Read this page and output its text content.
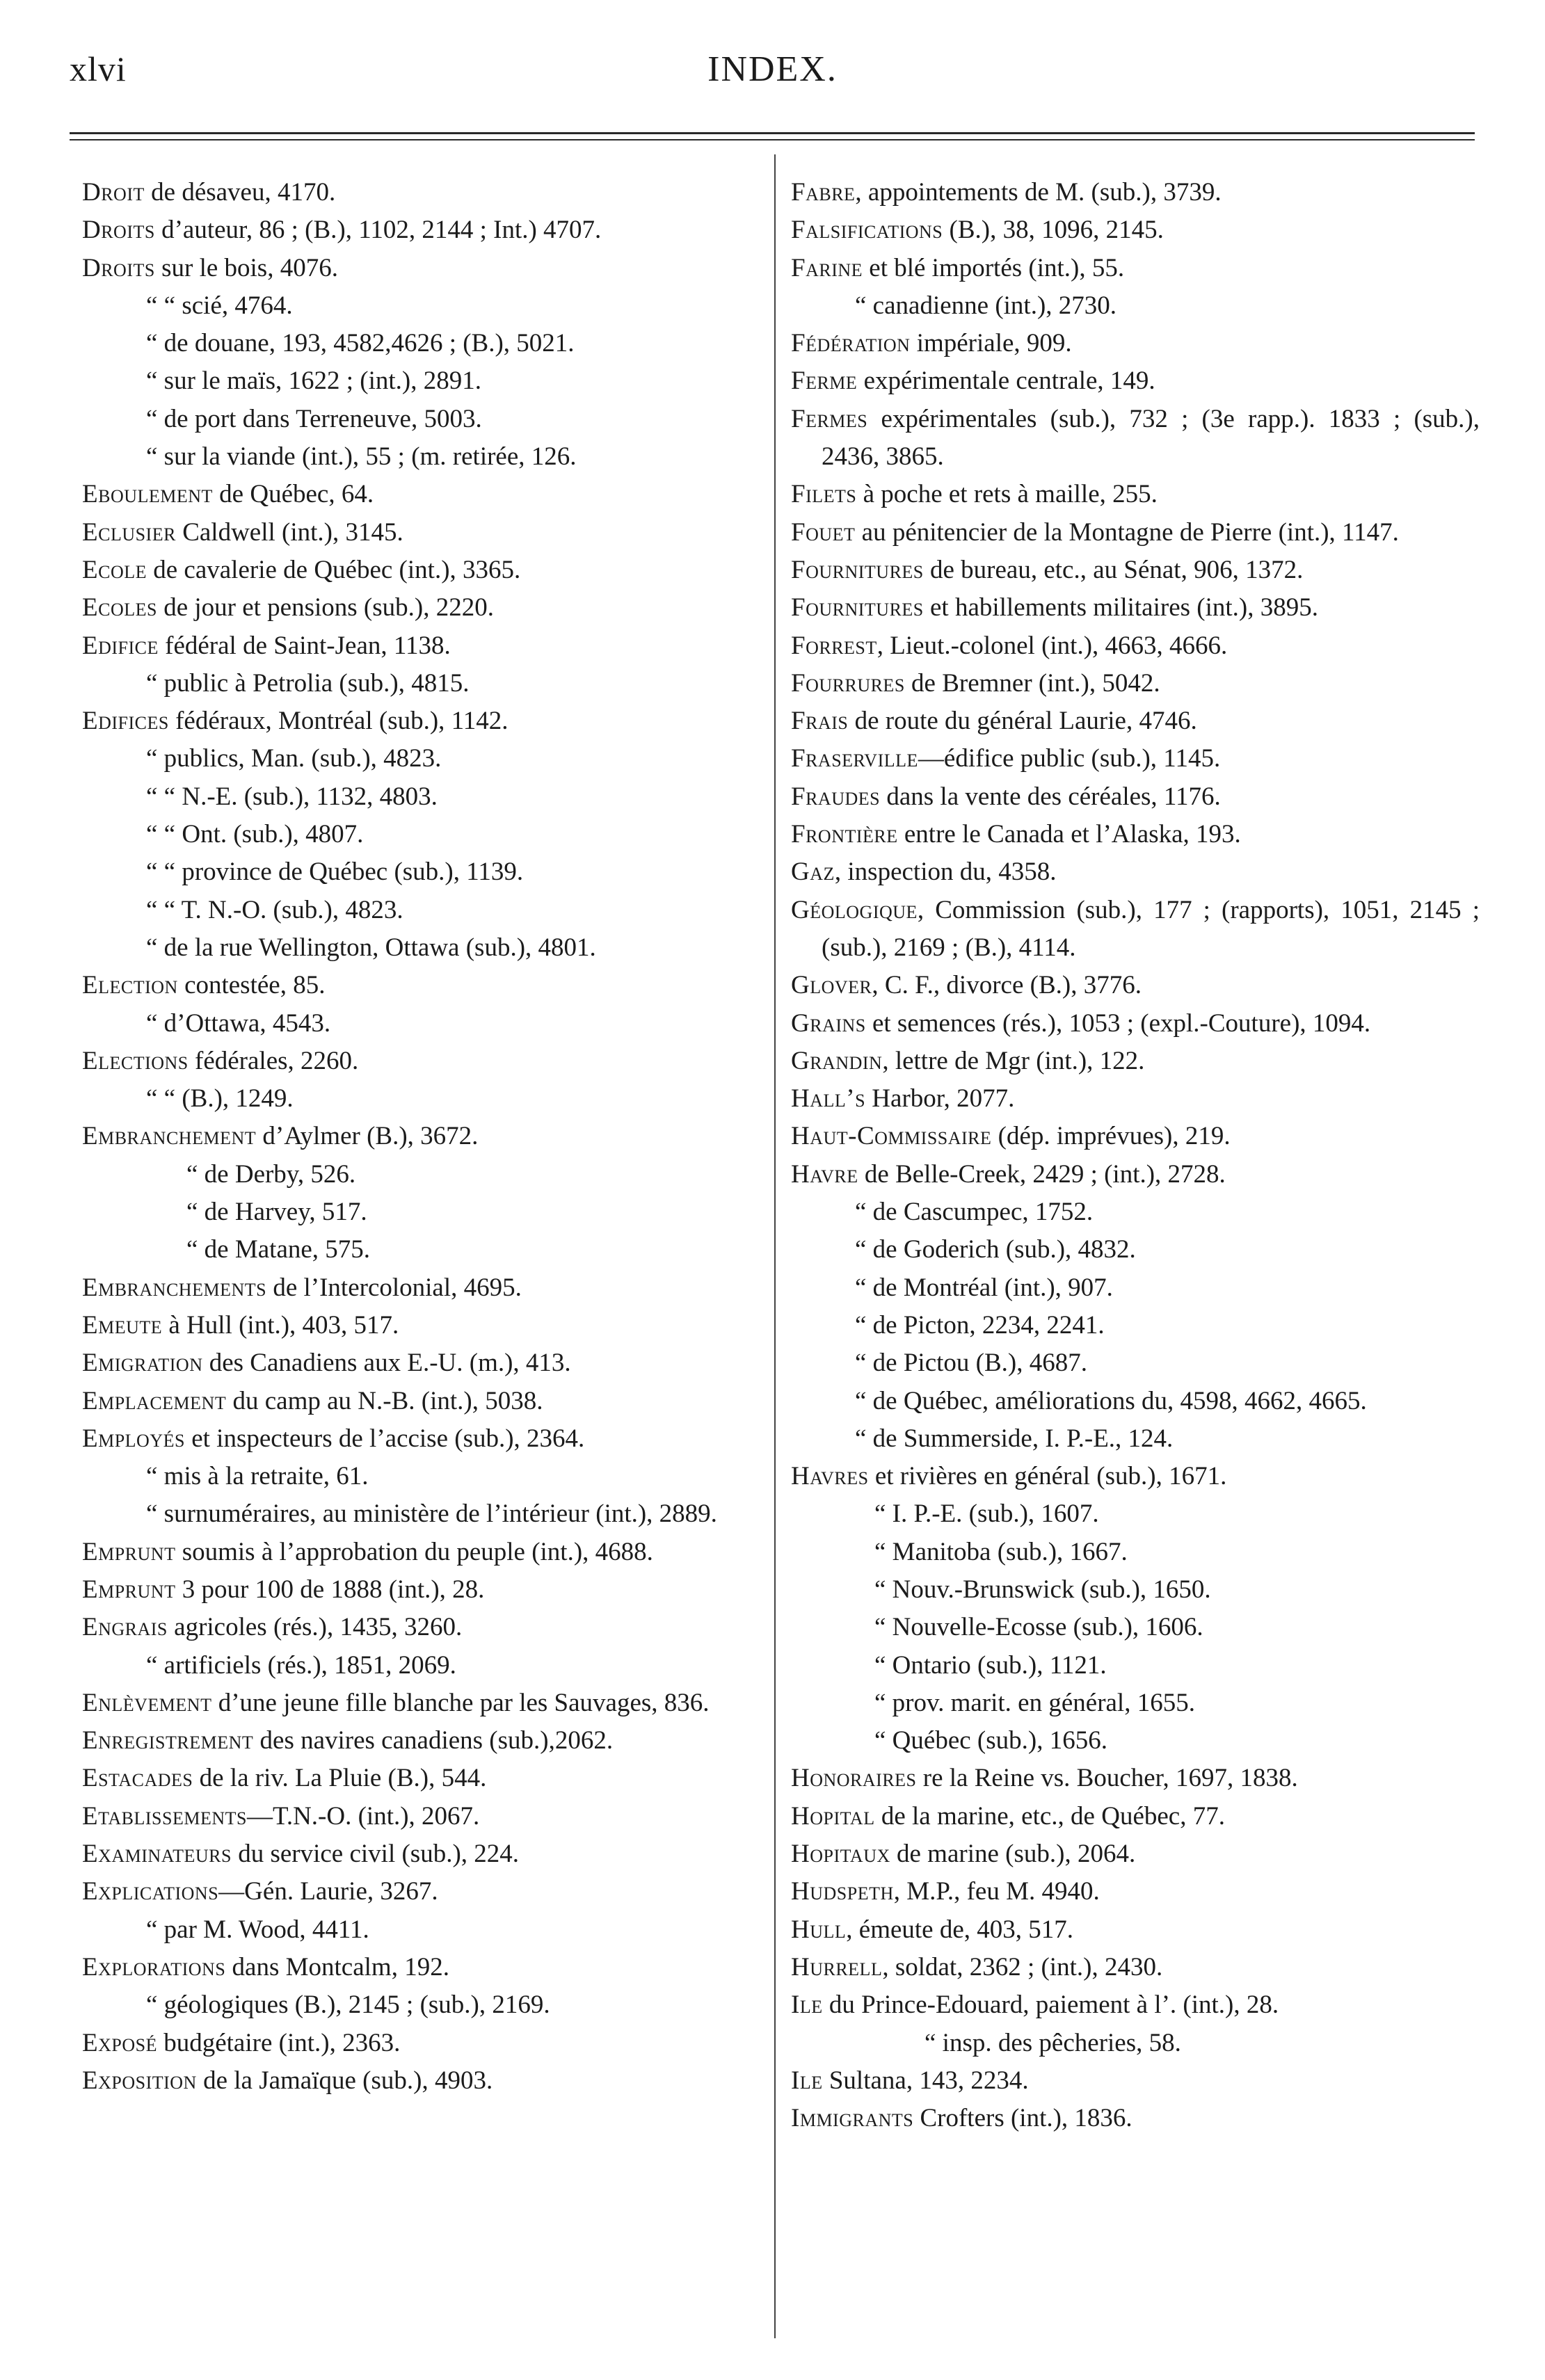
xlvi	INDEX.

Droit de désaveu, 4170.

Droits d’auteur, 86 ; (B.), 1102, 2144 ; Int.) 4707.

Droits sur le bois, 4076.

“ “ scié, 4764.

“ de douane, 193, 4582,4626 ; (B.), 5021.

“ sur le maïs, 1622 ; (int.), 2891.

“ de port dans Terreneuve, 5003.

“ sur la viande (int.), 55 ; (m. retirée, 126.

Eboulement de Québec, 64.

Eclusier Caldwell (int.), 3145.

Ecole de cavalerie de Québec (int.), 3365.

Ecoles de jour et pensions (sub.), 2220.

Edifice fédéral de Saint-Jean, 1138.

“ public à Petrolia (sub.), 4815.

Edifices fédéraux, Montréal (sub.), 1142.

“ publics, Man. (sub.), 4823.

“ “ N.-E. (sub.), 1132, 4803.

“ “ Ont. (sub.), 4807.

“ “ province de Québec (sub.), 1139.

“ “ T. N.-O. (sub.), 4823.

“ de la rue Wellington, Ottawa (sub.), 4801.

Election contestée, 85.

“ d’Ottawa, 4543.

Elections fédérales, 2260.

“ “ (B.), 1249.

Embranchement d’Aylmer (B.), 3672.

“ de Derby, 526.

“ de Harvey, 517.

“ de Matane, 575.

Embranchements de l’Intercolonial, 4695.

Emeute à Hull (int.), 403, 517.

Emigration des Canadiens aux E.-U. (m.), 413.

Emplacement du camp au N.-B. (int.), 5038.

Employés et inspecteurs de l’accise (sub.), 2364.

“ mis à la retraite, 61.

“ surnuméraires, au ministère de l’intérieur (int.), 2889.

Emprunt soumis à l’approbation du peuple (int.), 4688.

Emprunt 3 pour 100 de 1888 (int.), 28.

Engrais agricoles (rés.), 1435, 3260.

“ artificiels (rés.), 1851, 2069.

Enlèvement d’une jeune fille blanche par les Sauvages, 836.

Enregistrement des navires canadiens (sub.),2062.

Estacades de la riv. La Pluie (B.), 544.

Etablissements—T.N.-O. (int.), 2067.

Examinateurs du service civil (sub.), 224.

Explications—Gén. Laurie, 3267.

“ par M. Wood, 4411.

Explorations dans Montcalm, 192.

“ géologiques (B.), 2145 ; (sub.), 2169.

Exposé budgétaire (int.), 2363.

Exposition de la Jamaïque (sub.), 4903.

Fabre, appointements de M. (sub.), 3739.

Falsifications (B.), 38, 1096, 2145.

Farine et blé importés (int.), 55.

“ canadienne (int.), 2730.

Fédération impériale, 909.

Ferme expérimentale centrale, 149.

Fermes expérimentales (sub.), 732 ; (3e rapp.). 1833 ; (sub.), 2436, 3865.

Filets à poche et rets à maille, 255.

Fouet au pénitencier de la Montagne de Pierre (int.), 1147.

Fournitures de bureau, etc., au Sénat, 906, 1372.

Fournitures et habillements militaires (int.), 3895.

Forrest, Lieut.-colonel (int.), 4663, 4666.

Fourrures de Bremner (int.), 5042.

Frais de route du général Laurie, 4746.

Fraserville—édifice public (sub.), 1145.

Fraudes dans la vente des céréales, 1176.

Frontière entre le Canada et l’Alaska, 193.

Gaz, inspection du, 4358.

Géologique, Commission (sub.), 177 ; (rapports), 1051, 2145 ; (sub.), 2169 ; (B.), 4114.

Glover, C. F., divorce (B.), 3776.

Grains et semences (rés.), 1053 ; (expl.-Couture), 1094.

Grandin, lettre de Mgr (int.), 122.

Hall’s Harbor, 2077.

Haut-Commissaire (dép. imprévues), 219.

Havre de Belle-Creek, 2429 ; (int.), 2728.

“ de Cascumpec, 1752.

“ de Goderich (sub.), 4832.

“ de Montréal (int.), 907.

“ de Picton, 2234, 2241.

“ de Pictou (B.), 4687.

“ de Québec, améliorations du, 4598, 4662, 4665.

“ de Summerside, I. P.-E., 124.

Havres et rivières en général (sub.), 1671.

“ I. P.-E. (sub.), 1607.

“ Manitoba (sub.), 1667.

“ Nouv.-Brunswick (sub.), 1650.

“ Nouvelle-Ecosse (sub.), 1606.

“ Ontario (sub.), 1121.

“ prov. marit. en général, 1655.

“ Québec (sub.), 1656.

Honoraires re la Reine vs. Boucher, 1697, 1838.

Hopital de la marine, etc., de Québec, 77.

Hopitaux de marine (sub.), 2064.

Hudspeth, M.P., feu M. 4940.

Hull, émeute de, 403, 517.

Hurrell, soldat, 2362 ; (int.), 2430.

Ile du Prince-Edouard, paiement à l’. (int.), 28.

“ insp. des pêcheries, 58.

Ile Sultana, 143, 2234.

Immigrants Crofters (int.), 1836.
